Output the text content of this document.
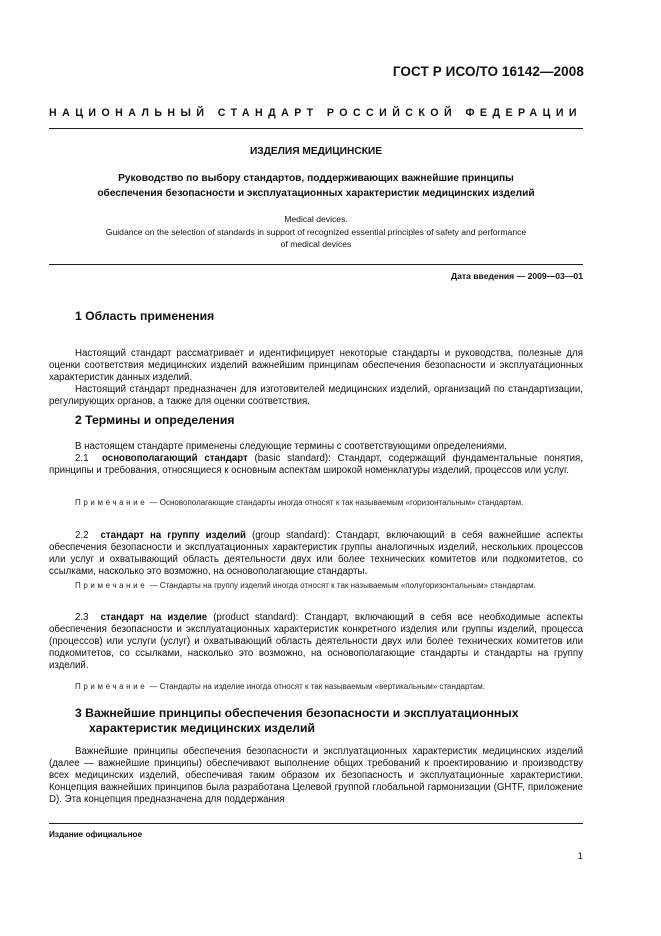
ГОСТ Р ИСО/ТО 16142—2008
НАЦИОНАЛЬНЫЙ СТАНДАРТ РОССИЙСКОЙ ФЕДЕРАЦИИ
ИЗДЕЛИЯ МЕДИЦИНСКИЕ
Руководство по выбору стандартов, поддерживающих важнейшие принципы
обеспечения безопасности и эксплуатационных характеристик медицинских изделий
Medical devices.
Guidance on the selection of standards in support of recognized essential principles of safety and performance
of medical devices
Дата введения — 2009—03—01
1 Область применения

Настоящий стандарт рассматривает и идентифицирует некоторые стандарты и руководства, полезные для оценки соответствия медицинских изделий важнейшим принципам обеспечения безопасности и эксплуатационных характеристик данных изделий.

Настоящий стандарт предназначен для изготовителей медицинских изделий, организаций по стандартизации, регулирующих органов, а также для оценки соответствия.

2 Термины и определения

В настоящем стандарте применены следующие термины с соответствующими определениями.

2.1 основополагающий стандарт (basic standard): Стандарт, содержащий фундаментальные понятия, принципы и требования, относящиеся к основным аспектам широкой номенклатуры изделий, процессов или услуг.

Примечание — Основополагающие стандарты иногда относят к так называемым «горизонтальным» стандартам.

2.2 стандарт на группу изделий (group standard): Стандарт, включающий в себя важнейшие аспекты обеспечения безопасности и эксплуатационных характеристик группы аналогичных изделий, нескольких процессов или услуг и охватывающий область деятельности двух или более технических комитетов или подкомитетов, со ссылками, насколько это возможно, на основополагающие стандарты.

Примечание — Стандарты на группу изделий иногда относят к так называемым «полугоризонтальным» стандартам.

2.3 стандарт на изделие (product standard): Стандарт, включающий в себя все необходимые аспекты обеспечения безопасности и эксплуатационных характеристик конкретного изделия или группы изделий, процесса (процессов) или услуги (услуг) и охватывающий область деятельности двух или более технических комитетов или подкомитетов, со ссылками, насколько это возможно, на основополагающие стандарты и стандарты на группу изделий.

Примечание — Стандарты на изделие иногда относят к так называемым «вертикальным» стандартам.

3 Важнейшие принципы обеспечения безопасности и эксплуатационных
характеристик медицинских изделий

Важнейшие принципы обеспечения безопасности и эксплуатационных характеристик медицинских изделий (далее — важнейшие принципы) обеспечивают выполнение общих требований к проектированию и производству всех медицинских изделий, обеспечивая таким образом их безопасность и эксплуатационные характеристики. Концепция важнейших принципов была разработана Целевой группой глобальной гармонизации (GHTF, приложение D). Эта концепция предназначена для поддержания

Издание официальное
1
